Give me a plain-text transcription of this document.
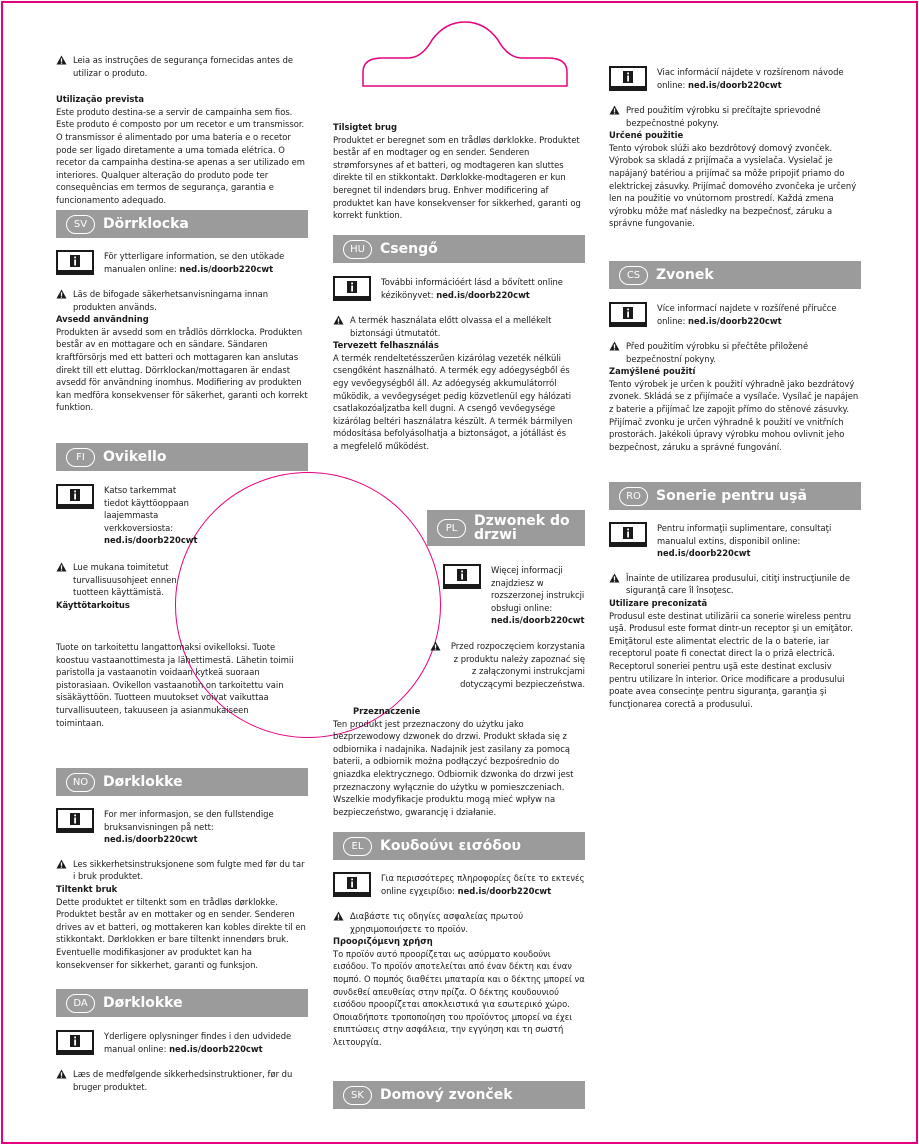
Leia as instruções de segurança fornecidas antes de utilizar o produto.

Utilização prevista

Este produto destina-se a servir de campainha sem fios. Este produto é composto por um recetor e um transmissor. O transmissor é alimentado por uma bateria e o recetor pode ser ligado diretamente a uma tomada elétrica. O recetor da campainha destina-se apenas a ser utilizado em interiores. Qualquer alteração do produto pode ter consequências em termos de segurança, garantia e funcionamento adequado.

SV	Dörrklocka

För ytterligare information, se den utökade manualen online: ned.is/doorb220cwt

Läs de bifogade säkerhetsanvisningarna innan produkten används.

Avsedd användning

Produkten är avsedd som en trådlös dörrklocka. Produkten består av en mottagare och en sändare. Sändaren kraftförsörjs med ett batteri och mottagaren kan anslutas direkt till ett eluttag. Dörrklockan/mottagaren är endast avsedd för användning inomhus. Modifiering av produkten kan medföra konsekvenser för säkerhet, garanti och korrekt funktion.

FI	Ovikello

Katso tarkemmat tiedot käyttöoppaan laajemmasta verkkoversiosta: ned.is/doorb220cwt

Lue mukana toimitetut turvallisuusohjeet ennen tuotteen käyttämistä.

Käyttötarkoitus

Tuote on tarkoitettu langattomaksi ovikelloksi. Tuote koostuu vastaanottimesta ja lähettimestä. Lähetin toimii paristolla ja vastaanotin voidaan kytkeä suoraan pistorasiaan. Ovikellon vastaanotin on tarkoitettu vain sisäkäyttöön. Tuotteen muutokset voivat vaikuttaa turvallisuuteen, takuuseen ja asianmukaiseen toimintaan.

NO	Dørklokke

For mer informasjon, se den fullstendige bruksanvisningen på nett: ned.is/doorb220cwt

Les sikkerhetsinstruksjonene som fulgte med før du tar i bruk produktet.

Tiltenkt bruk

Dette produktet er tiltenkt som en trådløs dørklokke. Produktet består av en mottaker og en sender. Senderen drives av et batteri, og mottakeren kan kobles direkte til en stikkontakt. Dørklokken er bare tiltenkt innendørs bruk. Eventuelle modifikasjoner av produktet kan ha konsekvenser for sikkerhet, garanti og funksjon.

DA	Dørklokke

Yderligere oplysninger findes i den udvidede manual online: ned.is/doorb220cwt

Læs de medfølgende sikkerhedsinstruktioner, før du bruger produktet.

Tilsigtet brug

Produktet er beregnet som en trådløs dørklokke. Produktet består af en modtager og en sender. Senderen strømforsynes af et batteri, og modtageren kan sluttes direkte til en stikkontakt. Dørklokke-modtageren er kun beregnet til indendørs brug. Enhver modificering af produktet kan have konsekvenser for sikkerhed, garanti og korrekt funktion.

HU	Csengő

További információért lásd a bővített online kézikönyvet: ned.is/doorb220cwt

A termék használata előtt olvassa el a mellékelt biztonsági útmutatót.

Tervezett felhasználás

A termék rendeltetésszerűen kizárólag vezeték nélküli csengőként használható. A termék egy adóegységből és egy vevőegységből áll. Az adóegység akkumulátorról működik, a vevőegységet pedig közvetlenül egy hálózati csatlakozóaljzatba kell dugni. A csengő vevőegysége kizárólag beltéri használatra készült. A termék bármilyen módosítása befolyásolhatja a biztonságot, a jótállást és a megfelelő működést.

PL	Dzwonek do drzwi

Więcej informacji znajdziesz w rozszerzonej instrukcji obsługi online: ned.is/doorb220cwt

Przed rozpoczęciem korzystania z produktu należy zapoznać się z załączonymi instrukcjami dotyczącymi bezpieczeństwa.

Przeznaczenie

Ten produkt jest przeznaczony do użytku jako bezprzewodowy dzwonek do drzwi. Produkt składa się z odbiornika i nadajnika. Nadajnik jest zasilany za pomocą baterii, a odbiornik można podłączyć bezpośrednio do gniazdka elektrycznego. Odbiornik dzwonka do drzwi jest przeznaczony wyłącznie do użytku w pomieszczeniach. Wszelkie modyfikacje produktu mogą mieć wpływ na bezpieczeństwo, gwarancję i działanie.

EL	Κουδούνι εισόδου

Για περισσότερες πληροφορίες δείτε το εκτενές online εγχειρίδιο: ned.is/doorb220cwt

Διαβάστε τις οδηγίες ασφαλείας πρωτού χρησιμοποιήσετε το προϊόν.

Προοριζόμενη χρήση

Το προϊόν αυτό προορίζεται ως ασύρματο κουδούνι εισόδου. Το προϊόν αποτελείται από έναν δέκτη και έναν πομπό. Ο πομπός διαθέτει μπαταρία και ο δέκτης μπορεί να συνδεθεί απευθείας στην πρίζα. Ο δέκτης κουδουνιού εισόδου προορίζεται αποκλειστικά για εσωτερικό χώρο. Οποιαδήποτε τροποποίηση του προϊόντος μπορεί να έχει επιπτώσεις στην ασφάλεια, την εγγύηση και τη σωστή λειτουργία.

SK	Domový zvonček

Viac informácií nájdete v rozšírenom návode online: ned.is/doorb220cwt

Pred použitím výrobku si prečítajte sprievodné bezpečnostné pokyny.

Určené použitie

Tento výrobok slúži ako bezdrôtový domový zvonček. Výrobok sa skladá z prijímača a vysielača. Vysielač je napájaný batériou a prijímač sa môže pripojiť priamo do elektrickej zásuvky. Prijímač domového zvončeka je určený len na použitie vo vnútornom prostredí. Každá zmena výrobku môže mať následky na bezpečnosť, záruku a správne fungovanie.

CS	Zvonek

Více informací najdete v rozšířené příručce online: ned.is/doorb220cwt

Před použitím výrobku si přečtěte přiložené bezpečnostní pokyny.

Zamýšlené použití

Tento výrobek je určen k použití výhradně jako bezdrátový zvonek. Skládá se z přijímače a vysílače. Vysílač je napájen z baterie a přijímač lze zapojit přímo do stěnové zásuvky. Přijímač zvonku je určen výhradně k použití ve vnitřních prostorách. Jakékoli úpravy výrobku mohou ovlivnit jeho bezpečnost, záruku a správné fungování.

RO	Sonerie pentru uşă

Pentru informaţii suplimentare, consultaţi manualul extins, disponibil online: ned.is/doorb220cwt

Înainte de utilizarea produsului, citiţi instrucţiunile de siguranţă care îl însoţesc.

Utilizare preconizată

Produsul este destinat utilizării ca sonerie wireless pentru uşă. Produsul este format dintr-un receptor şi un emiţător. Emiţătorul este alimentat electric de la o baterie, iar receptorul poate fi conectat direct la o priză electrică. Receptorul soneriei pentru uşă este destinat exclusiv pentru utilizare în interior. Orice modificare a produsului poate avea consecinţe pentru siguranţa, garanţia şi funcţionarea corectă a produsului.
